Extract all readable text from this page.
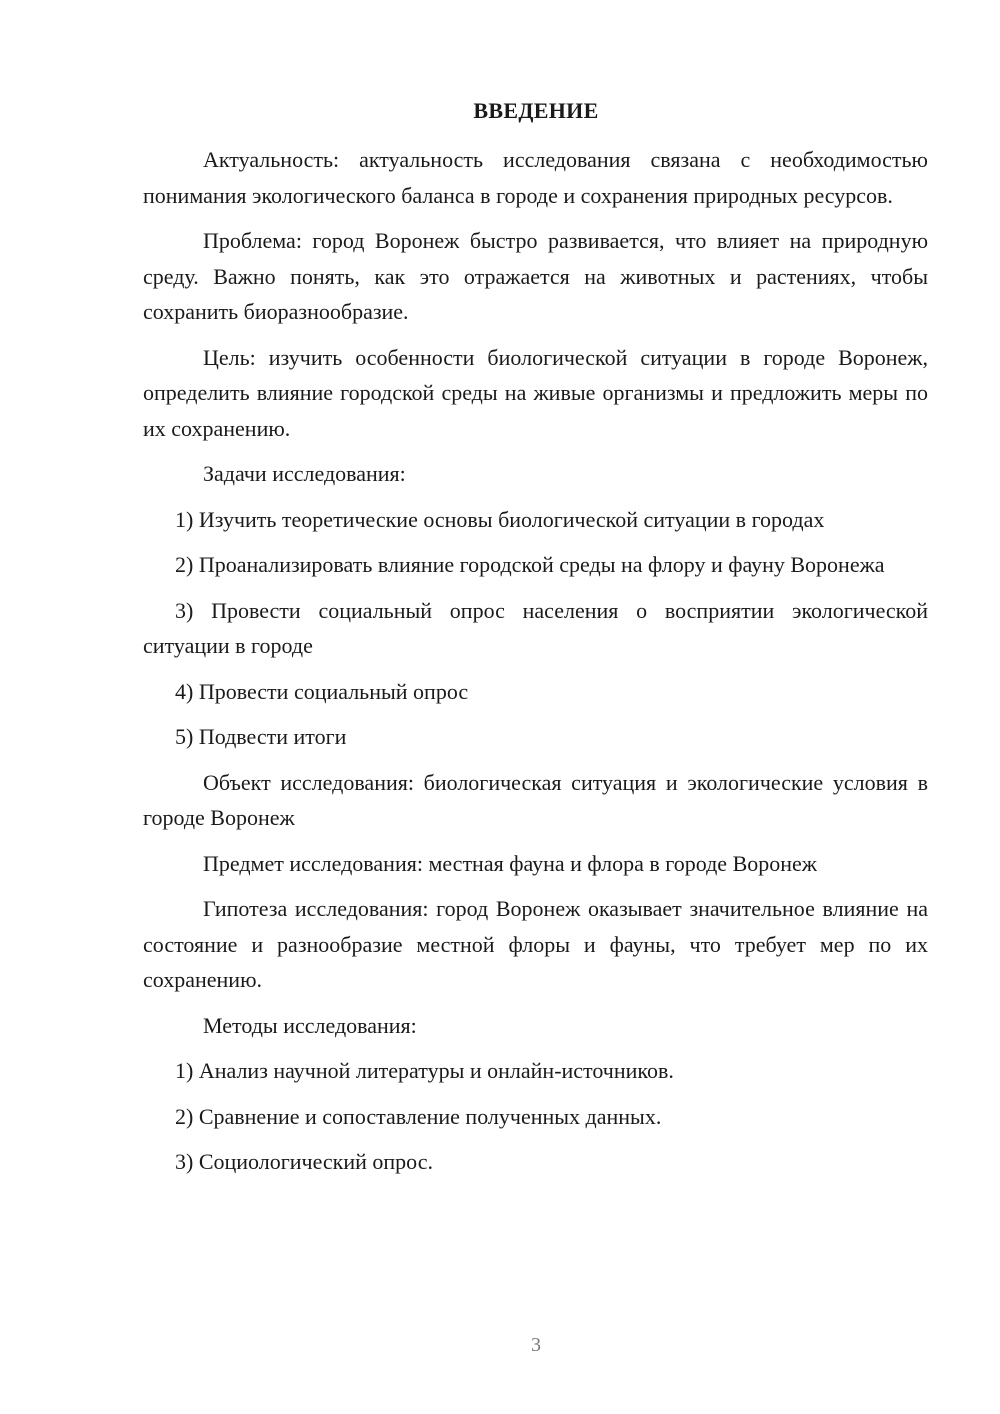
ВВЕДЕНИЕ

Актуальность: актуальность исследования связана с необходимостью понимания экологического баланса в городе и сохранения природных ресурсов.

Проблема: город Воронеж быстро развивается, что влияет на природную среду. Важно понять, как это отражается на животных и растениях, чтобы сохранить биоразнообразие.

Цель: изучить особенности биологической ситуации в городе Воронеж, определить влияние городской среды на живые организмы и предложить меры по их сохранению.

Задачи исследования:

1) Изучить теоретические основы биологической ситуации в городах

2) Проанализировать влияние городской среды на флору и фауну Воронежа

3) Провести социальный опрос населения о восприятии экологической ситуации в городе

4) Провести социальный опрос

5) Подвести итоги

Объект исследования: биологическая ситуация и экологические условия в городе Воронеж

Предмет исследования: местная фауна и флора в городе Воронеж

Гипотеза исследования: город Воронеж оказывает значительное влияние на состояние и разнообразие местной флоры и фауны, что требует мер по их сохранению.

Методы исследования:

1) Анализ научной литературы и онлайн-источников.

2) Сравнение и сопоставление полученных данных.

3) Социологический опрос.

3
